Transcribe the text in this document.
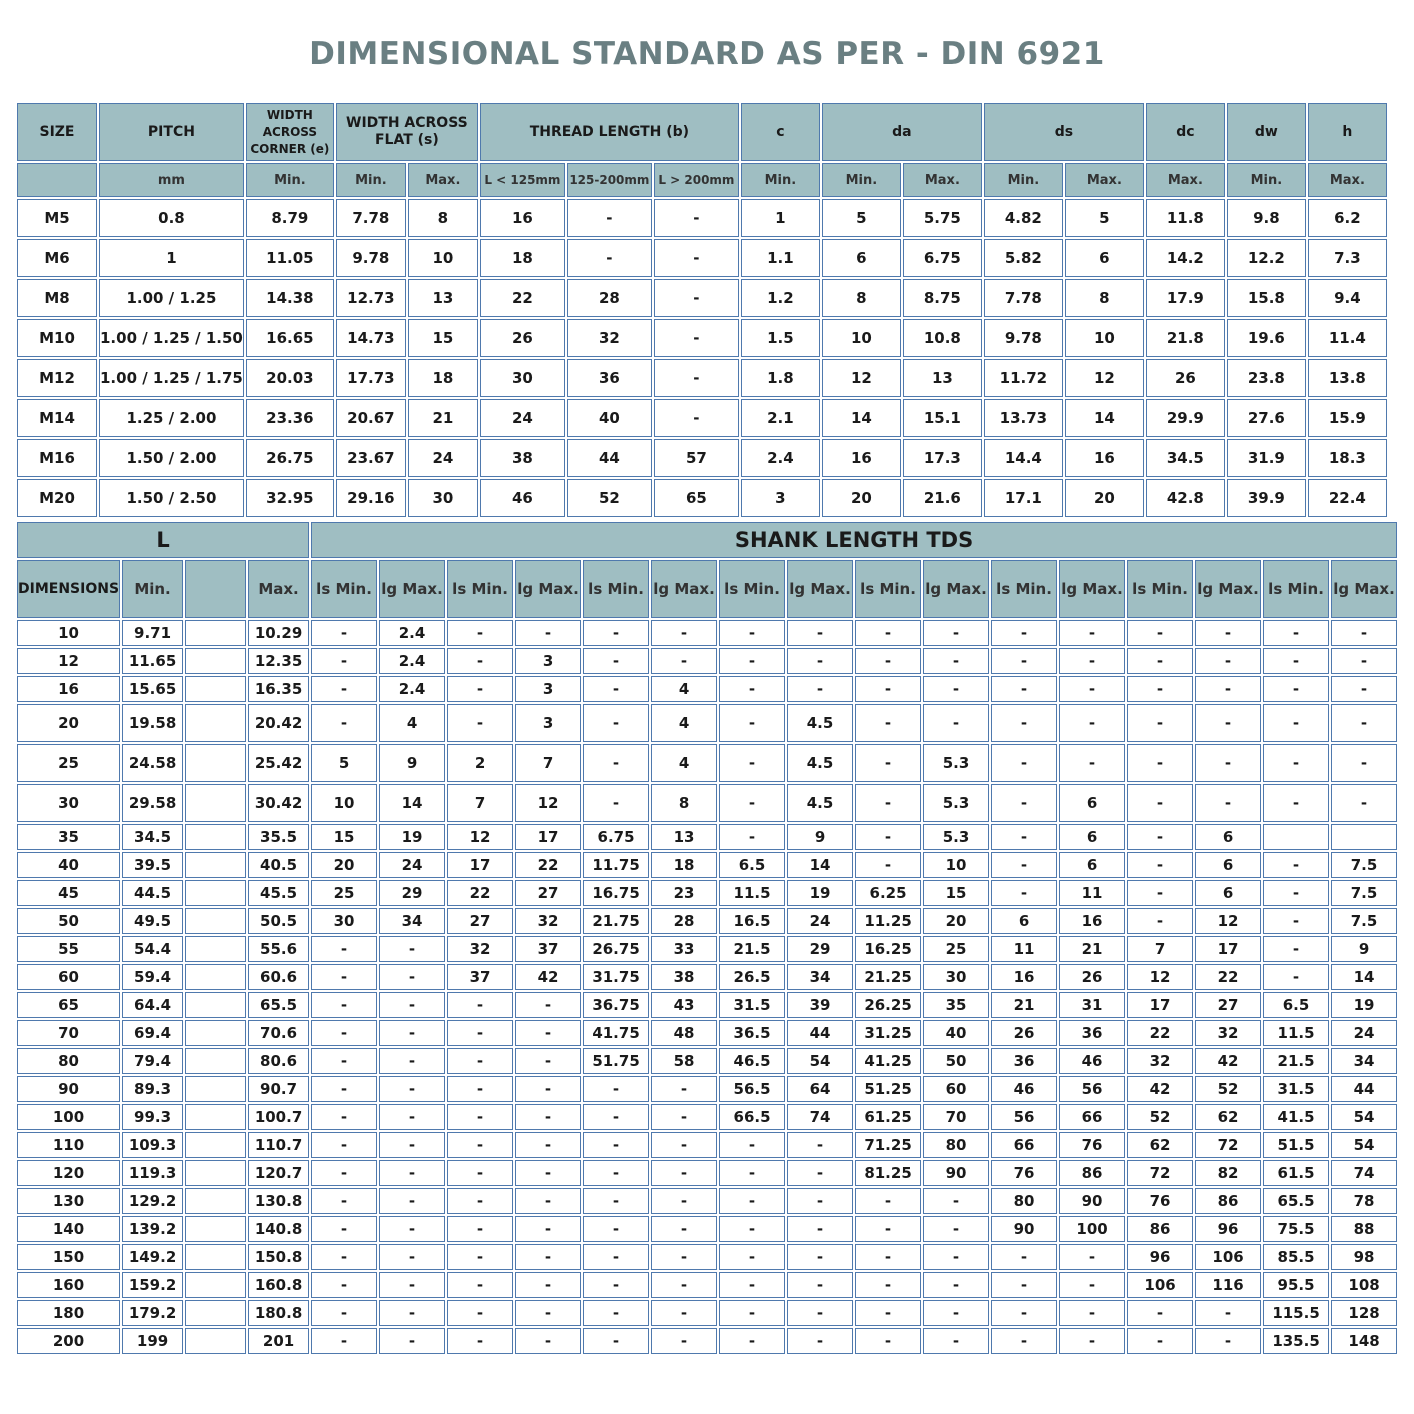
DIMENSIONAL STANDARD AS PER - DIN 6921
SIZE	PITCH	WIDTH ACROSS CORNER (e)	WIDTH ACROSS FLAT (s)		THREAD LENGTH (b)			c	da		ds		dc	dw	h
	mm	Min.	Min.	Max.	L < 125mm	125-200mm	L > 200mm	Min.	Min.	Max.	Min.	Max.	Max.	Min.	Max.
M5	0.8	8.79	7.78	8	16	-	-	1	5	5.75	4.82	5	11.8	9.8	6.2
M6	1	11.05	9.78	10	18	-	-	1.1	6	6.75	5.82	6	14.2	12.2	7.3
M8	1.00 / 1.25	14.38	12.73	13	22	28	-	1.2	8	8.75	7.78	8	17.9	15.8	9.4
M10	1.00 / 1.25 / 1.50	16.65	14.73	15	26	32	-	1.5	10	10.8	9.78	10	21.8	19.6	11.4
M12	1.00 / 1.25 / 1.75	20.03	17.73	18	30	36	-	1.8	12	13	11.72	12	26	23.8	13.8
M14	1.25 / 2.00	23.36	20.67	21	24	40	-	2.1	14	15.1	13.73	14	29.9	27.6	15.9
M16	1.50 / 2.00	26.75	23.67	24	38	44	57	2.4	16	17.3	14.4	16	34.5	31.9	18.3
M20	1.50 / 2.50	32.95	29.16	30	46	52	65	3	20	21.6	17.1	20	42.8	39.9	22.4
L				SHANK LENGTH TDS															
DIMENSIONS	Min.		Max.	ls Min.	lg Max.	ls Min.	lg Max.	ls Min.	lg Max.	ls Min.	lg Max.	ls Min.	lg Max.	ls Min.	lg Max.	ls Min.	lg Max.	ls Min.	lg Max.
10	9.71		10.29	-	2.4	-	-	-	-	-	-	-	-	-	-	-	-	-	-
12	11.65		12.35	-	2.4	-	3	-	-	-	-	-	-	-	-	-	-	-	-
16	15.65		16.35	-	2.4	-	3	-	4	-	-	-	-	-	-	-	-	-	-
20	19.58		20.42	-	4	-	3	-	4	-	4.5	-	-	-	-	-	-	-	-
25	24.58		25.42	5	9	2	7	-	4	-	4.5	-	5.3	-	-	-	-	-	-
30	29.58		30.42	10	14	7	12	-	8	-	4.5	-	5.3	-	6	-	-	-	-
35	34.5		35.5	15	19	12	17	6.75	13	-	9	-	5.3	-	6	-	6		
40	39.5		40.5	20	24	17	22	11.75	18	6.5	14	-	10	-	6	-	6	-	7.5
45	44.5		45.5	25	29	22	27	16.75	23	11.5	19	6.25	15	-	11	-	6	-	7.5
50	49.5		50.5	30	34	27	32	21.75	28	16.5	24	11.25	20	6	16	-	12	-	7.5
55	54.4		55.6	-	-	32	37	26.75	33	21.5	29	16.25	25	11	21	7	17	-	9
60	59.4		60.6	-	-	37	42	31.75	38	26.5	34	21.25	30	16	26	12	22	-	14
65	64.4		65.5	-	-	-	-	36.75	43	31.5	39	26.25	35	21	31	17	27	6.5	19
70	69.4		70.6	-	-	-	-	41.75	48	36.5	44	31.25	40	26	36	22	32	11.5	24
80	79.4		80.6	-	-	-	-	51.75	58	46.5	54	41.25	50	36	46	32	42	21.5	34
90	89.3		90.7	-	-	-	-	-	-	56.5	64	51.25	60	46	56	42	52	31.5	44
100	99.3		100.7	-	-	-	-	-	-	66.5	74	61.25	70	56	66	52	62	41.5	54
110	109.3		110.7	-	-	-	-	-	-	-	-	71.25	80	66	76	62	72	51.5	54
120	119.3		120.7	-	-	-	-	-	-	-	-	81.25	90	76	86	72	82	61.5	74
130	129.2		130.8	-	-	-	-	-	-	-	-	-	-	80	90	76	86	65.5	78
140	139.2		140.8	-	-	-	-	-	-	-	-	-	-	90	100	86	96	75.5	88
150	149.2		150.8	-	-	-	-	-	-	-	-	-	-	-	-	96	106	85.5	98
160	159.2		160.8	-	-	-	-	-	-	-	-	-	-	-	-	106	116	95.5	108
180	179.2		180.8	-	-	-	-	-	-	-	-	-	-	-	-	-	-	115.5	128
200	199		201	-	-	-	-	-	-	-	-	-	-	-	-	-	-	135.5	148
